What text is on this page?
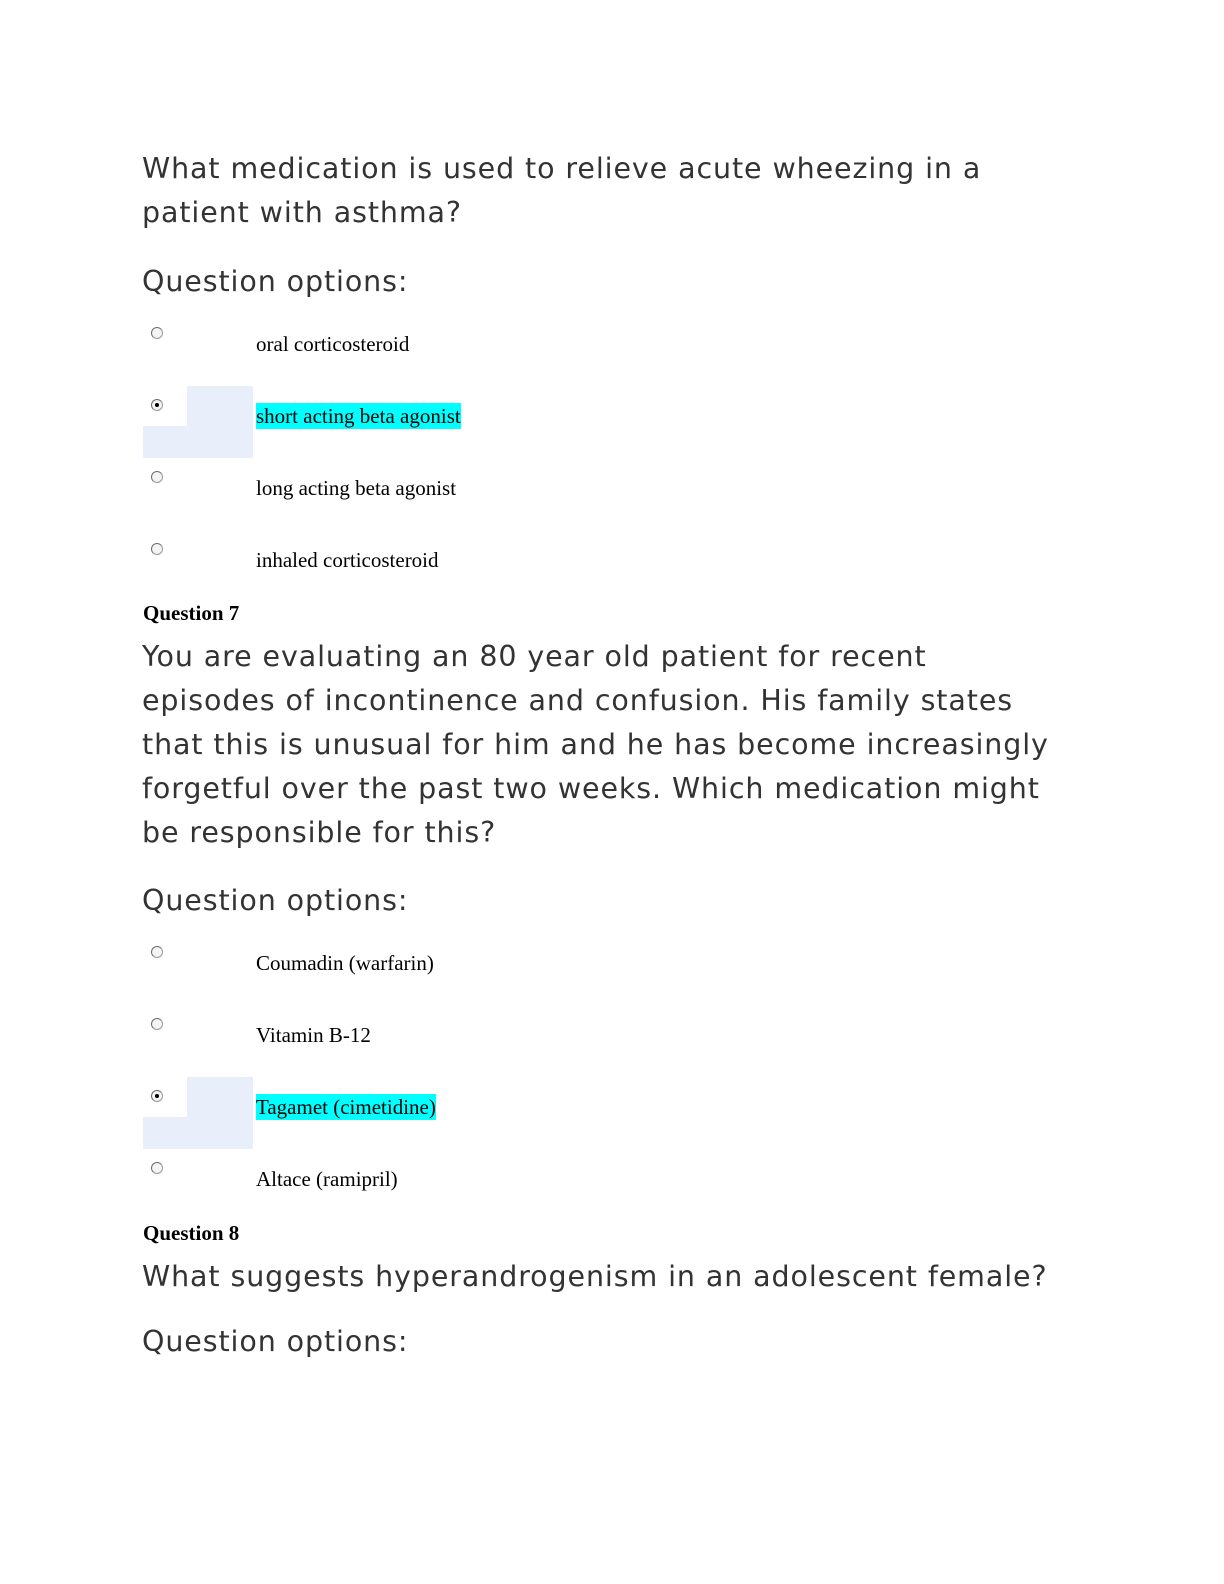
What medication is used to relieve acute wheezing in a patient with asthma?

Question options:

oral corticosteroid
short acting beta agonist
long acting beta agonist
inhaled corticosteroid

Question 7

You are evaluating an 80 year old patient for recent episodes of incontinence and confusion. His family states that this is unusual for him and he has become increasingly forgetful over the past two weeks. Which medication might be responsible for this?

Question options:

Coumadin (warfarin)
Vitamin B-12
Tagamet (cimetidine)
Altace (ramipril)

Question 8

What suggests hyperandrogenism in an adolescent female?

Question options:
